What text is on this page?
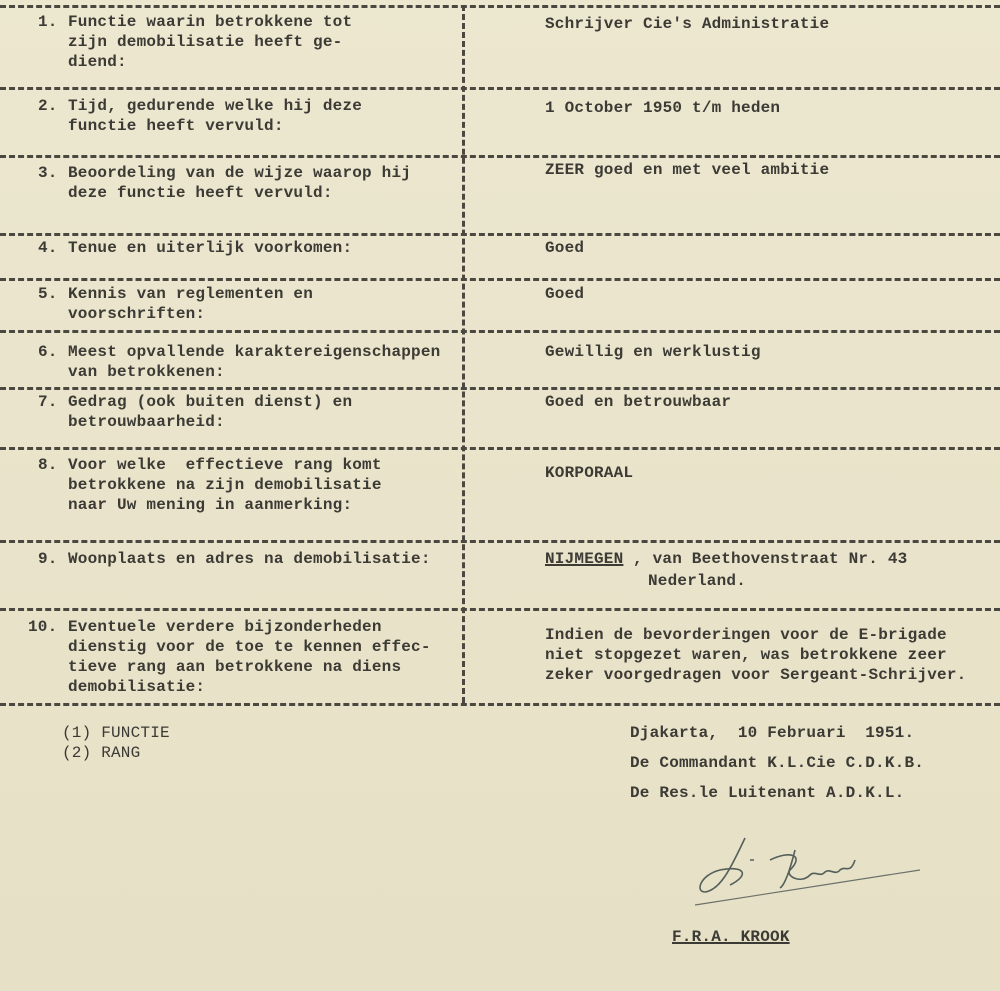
Djakarta,  10 Februari  1951.
De Commandant K.L.Cie C.D.K.B.
De Res.le Luitenant A.D.K.L.
F.R.A. KROOK
(1) FUNCTIE
(2) RANG
1. Functie waarin betrokkene tot
zijn demobilisatie heeft ge-
diend:
Schrijver Cie's Administratie
2. Tijd, gedurende welke hij deze
functie heeft vervuld:
1 October 1950 t/m heden
3. Beoordeling van de wijze waarop hij
deze functie heeft vervuld:
ZEER goed en met veel ambitie
4. Tenue en uiterlijk voorkomen:	Goed
5. Kennis van reglementen en
voorschriften:
Goed
6. Meest opvallende karaktereigenschappen
van betrokkenen:
Gewillig en werklustig
7. Gedrag (ook buiten dienst) en
betrouwbaarheid:
Goed en betrouwbaar
8. Voor welke  effectieve rang komt
betrokkene na zijn demobilisatie
naar Uw mening in aanmerking:
KORPORAAL
9. Woonplaats en adres na demobilisatie:	NIJMEGEN , van Beethovenstraat Nr. 43
Nederland.
10. Eventuele verdere bijzonderheden
dienstig voor de toe te kennen effec-
tieve rang aan betrokkene na diens
demobilisatie:
Indien de bevorderingen voor de E-brigade
niet stopgezet waren, was betrokkene zeer
zeker voorgedragen voor Sergeant-Schrijver.
